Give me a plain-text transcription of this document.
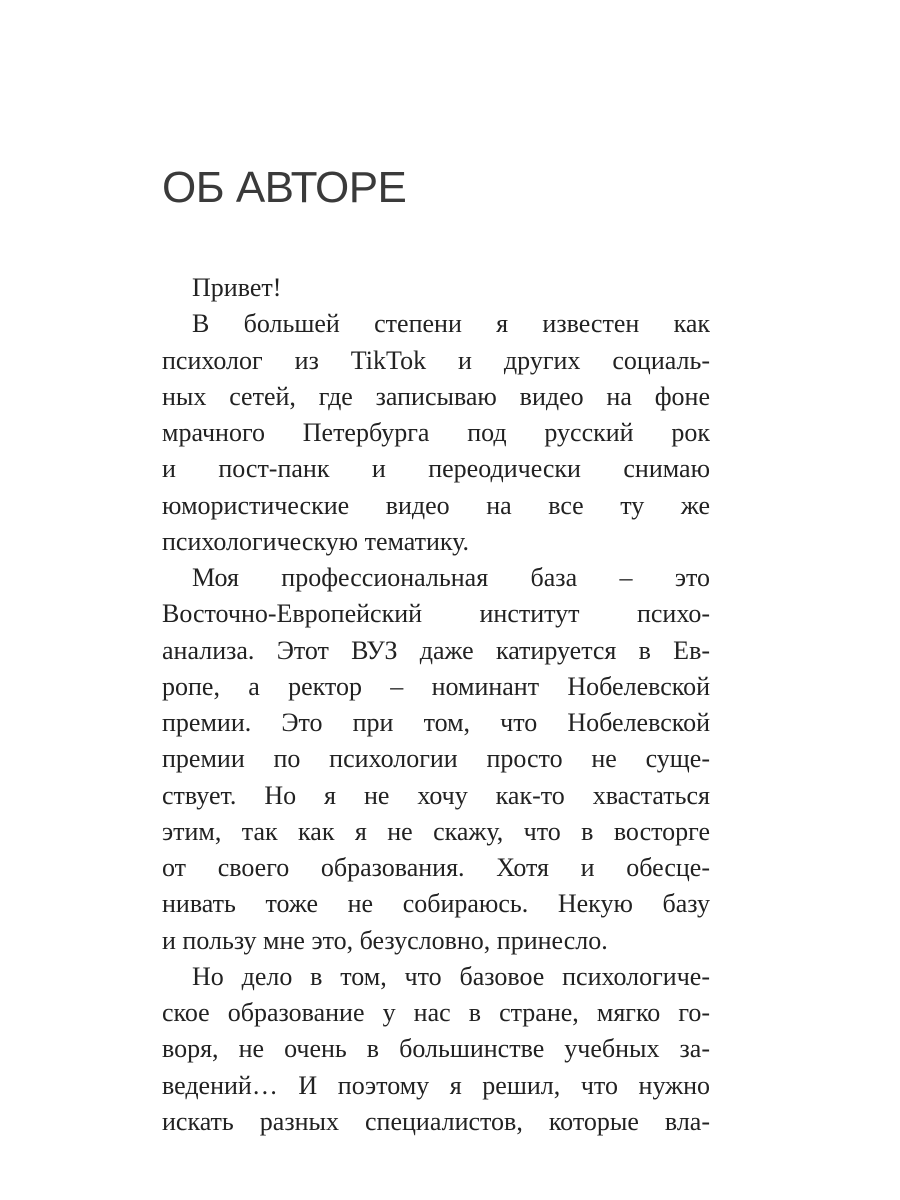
ОБ АВТОРЕ
Привет!
В большей степени я известен как
психолог из TikTok и других социаль-
ных сетей, где записываю видео на фоне
мрачного Петербурга под русский рок
и пост-панк и переодически снимаю
юмористические видео на все ту же
психологическую тематику.
Моя профессиональная база – это
Восточно-Европейский институт психо-
анализа. Этот ВУЗ даже катируется в Ев-
ропе, а ректор – номинант Нобелевской
премии. Это при том, что Нобелевской
премии по психологии просто не суще-
ствует. Но я не хочу как-то хвастаться
этим, так как я не скажу, что в восторге
от своего образования. Хотя и обесце-
нивать тоже не собираюсь. Некую базу
и пользу мне это, безусловно, принесло.
Но дело в том, что базовое психологиче-
ское образование у нас в стране, мягко го-
воря, не очень в большинстве учебных за-
ведений… И поэтому я решил, что нужно
искать разных специалистов, которые вла-
